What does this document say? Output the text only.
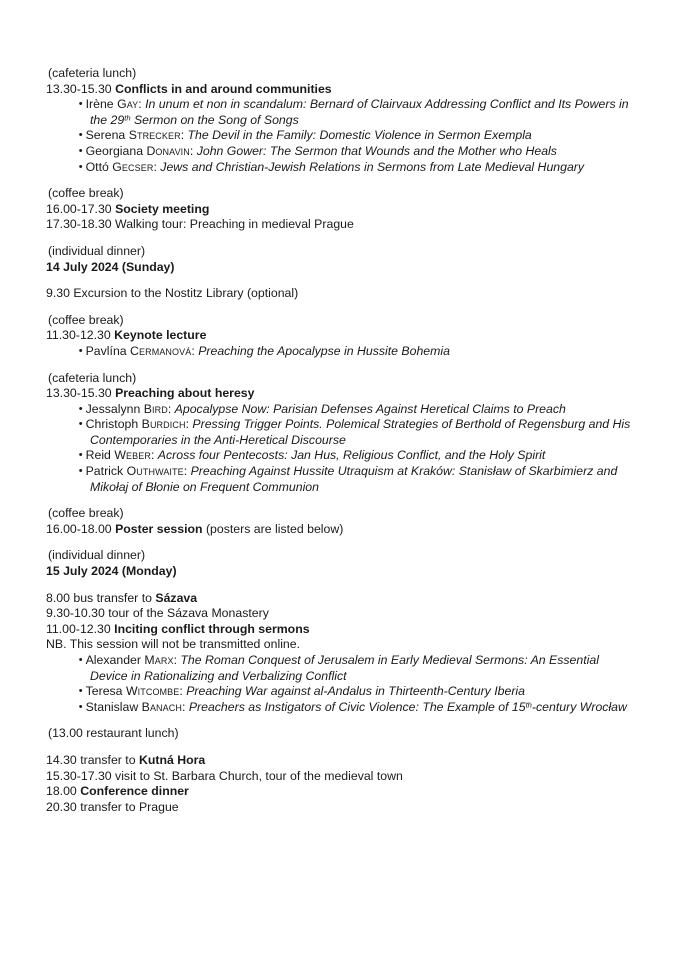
(cafeteria lunch)

13.30-15.30 Conflicts in and around communities

• Irène Gay: In unum et non in scandalum: Bernard of Clairvaux Addressing Conflict and Its Powers in the 29th Sermon on the Song of Songs
• Serena Strecker: The Devil in the Family: Domestic Violence in Sermon Exempla
• Georgiana Donavin: John Gower: The Sermon that Wounds and the Mother who Heals
• Ottó Gecser: Jews and Christian-Jewish Relations in Sermons from Late Medieval Hungary

(coffee break)

16.00-17.30 Society meeting

17.30-18.30 Walking tour: Preaching in medieval Prague

(individual dinner)

14 July 2024 (Sunday)

9.30 Excursion to the Nostitz Library (optional)

(coffee break)

11.30-12.30 Keynote lecture

• Pavlína Cermanová: Preaching the Apocalypse in Hussite Bohemia

(cafeteria lunch)

13.30-15.30 Preaching about heresy

• Jessalynn Bird: Apocalypse Now: Parisian Defenses Against Heretical Claims to Preach
• Christoph Burdich: Pressing Trigger Points. Polemical Strategies of Berthold of Regensburg and His Contemporaries in the Anti-Heretical Discourse
• Reid Weber: Across four Pentecosts: Jan Hus, Religious Conflict, and the Holy Spirit
• Patrick Outhwaite: Preaching Against Hussite Utraquism at Kraków: Stanisław of Skarbimierz and Mikołaj of Błonie on Frequent Communion

(coffee break)

16.00-18.00 Poster session (posters are listed below)

(individual dinner)

15 July 2024 (Monday)

8.00 bus transfer to Sázava

9.30-10.30 tour of the Sázava Monastery

11.00-12.30 Inciting conflict through sermons

NB. This session will not be transmitted online.

• Alexander Marx: The Roman Conquest of Jerusalem in Early Medieval Sermons: An Essential Device in Rationalizing and Verbalizing Conflict
• Teresa Witcombe: Preaching War against al-Andalus in Thirteenth-Century Iberia
• Stanislaw Banach: Preachers as Instigators of Civic Violence: The Example of 15th-century Wrocław

(13.00 restaurant lunch)

14.30 transfer to Kutná Hora

15.30-17.30 visit to St. Barbara Church, tour of the medieval town

18.00 Conference dinner

20.30 transfer to Prague
